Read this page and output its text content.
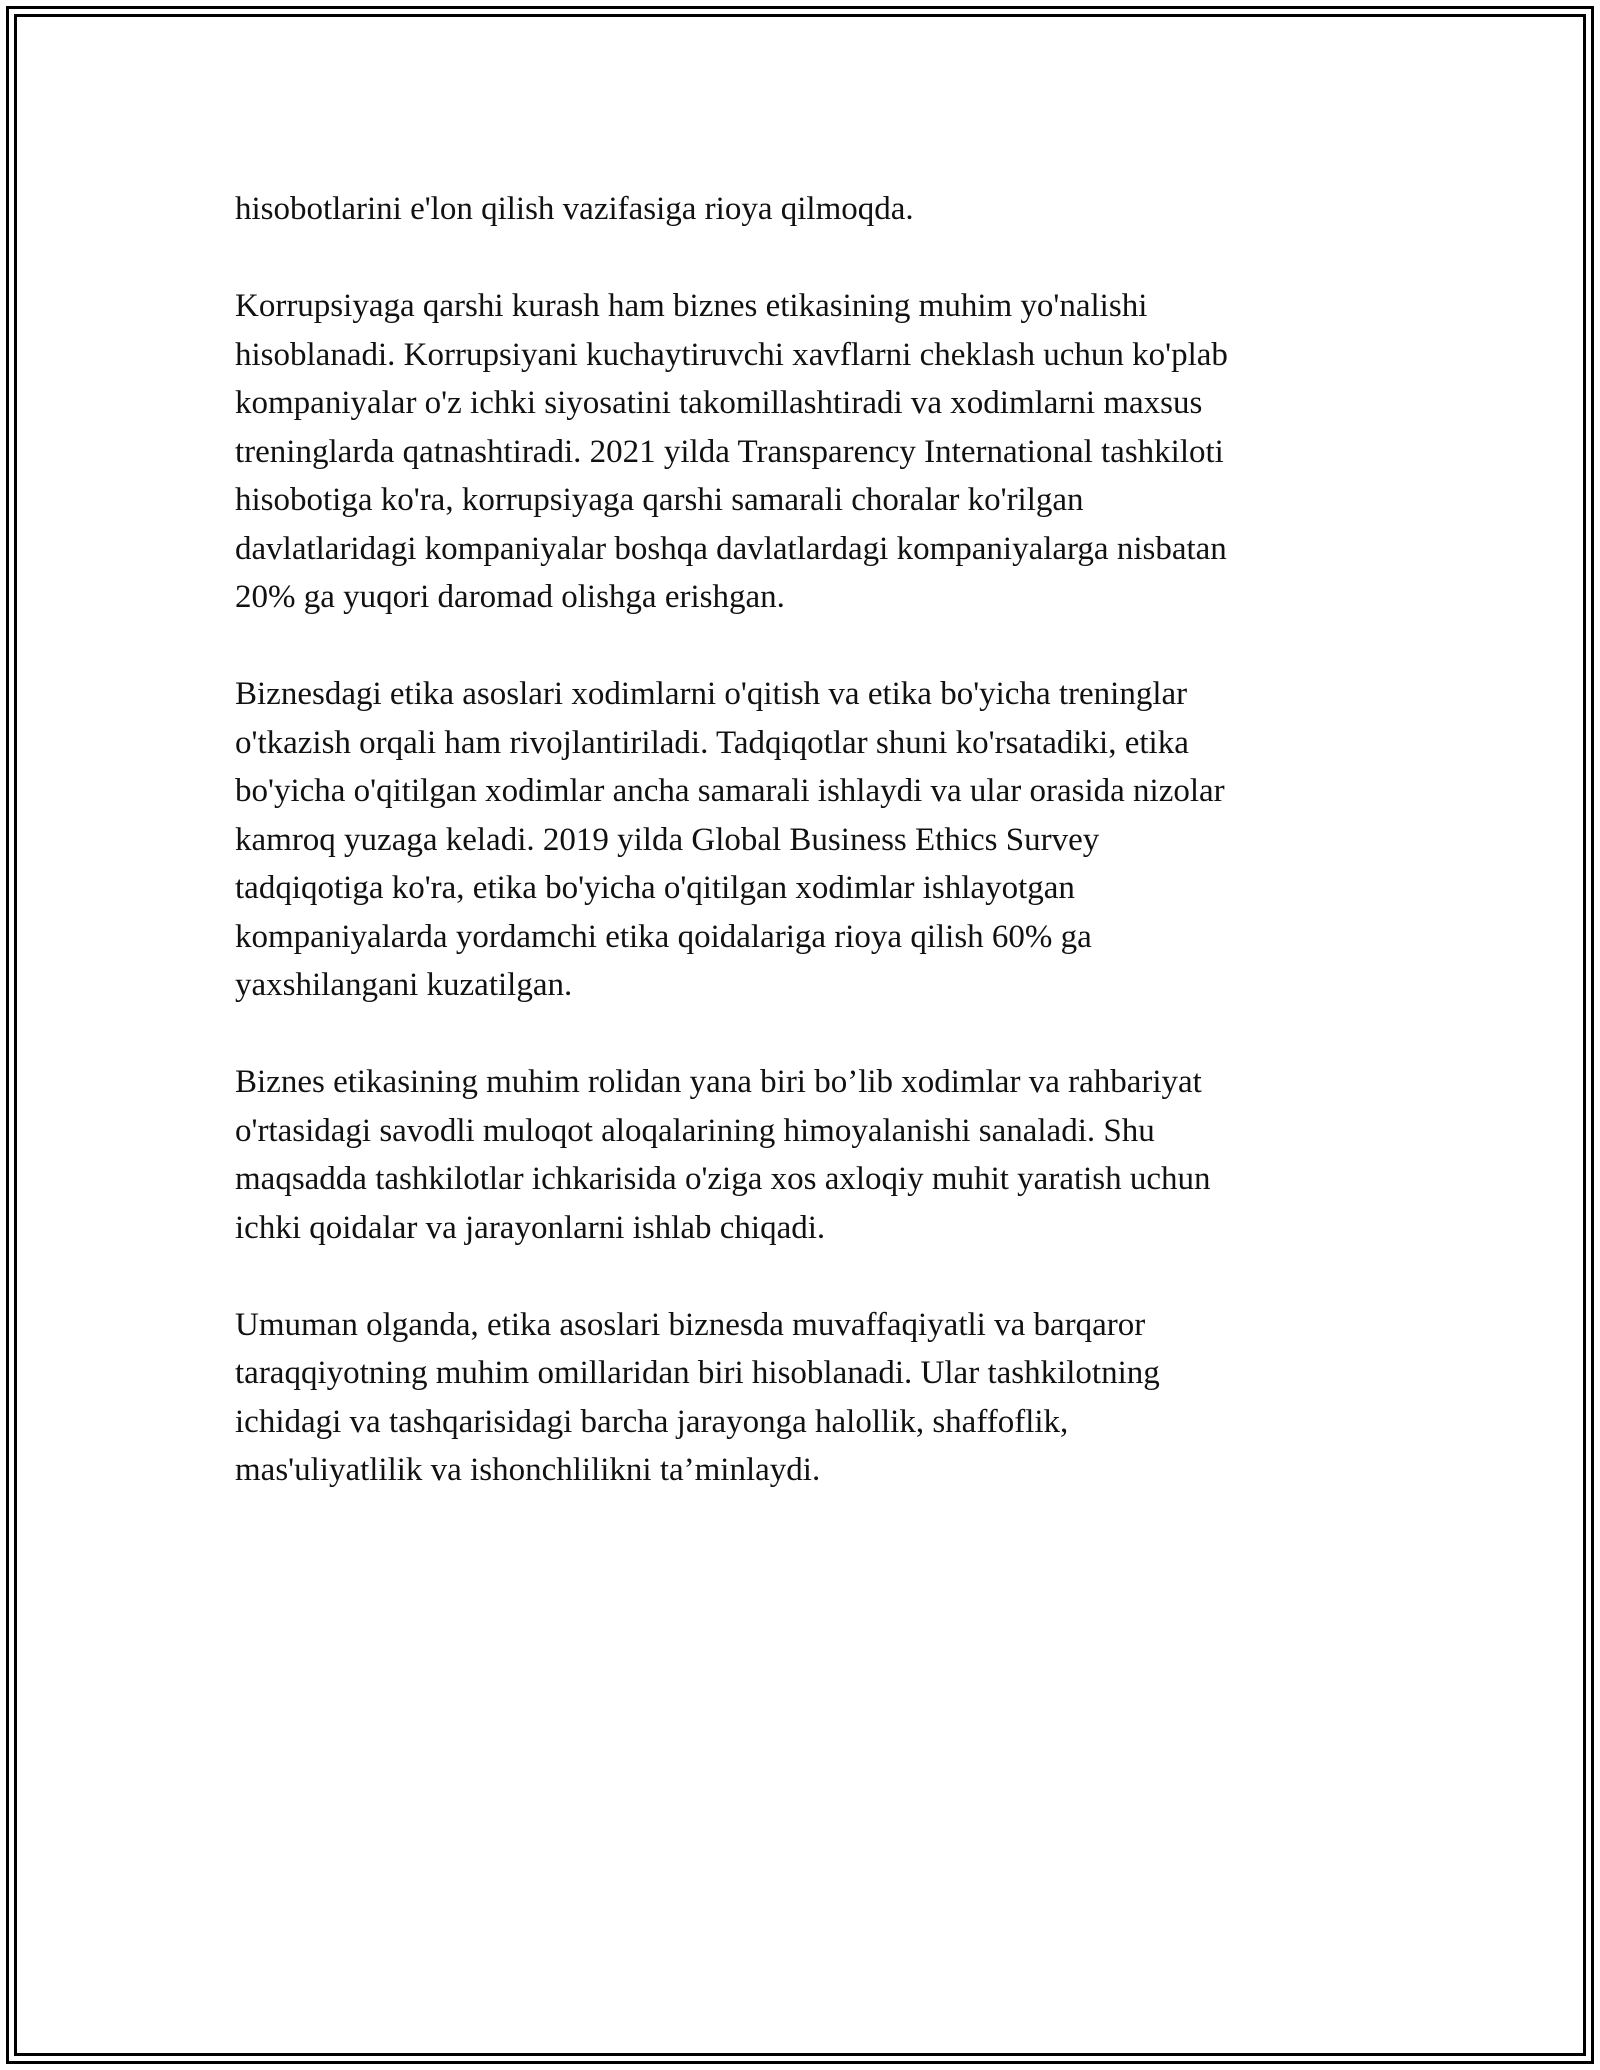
hisobotlarini e'lon qilish vazifasiga rioya qilmoqda.

Korrupsiyaga qarshi kurash ham biznes etikasining muhim yo'nalishi
hisoblanadi. Korrupsiyani kuchaytiruvchi xavflarni cheklash uchun ko'plab
kompaniyalar o'z ichki siyosatini takomillashtiradi va xodimlarni maxsus
treninglarda qatnashtiradi. 2021 yilda Transparency International tashkiloti
hisobotiga ko'ra, korrupsiyaga qarshi samarali choralar ko'rilgan
davlatlaridagi kompaniyalar boshqa davlatlardagi kompaniyalarga nisbatan
20% ga yuqori daromad olishga erishgan.

Biznesdagi etika asoslari xodimlarni o'qitish va etika bo'yicha treninglar
o'tkazish orqali ham rivojlantiriladi. Tadqiqotlar shuni ko'rsatadiki, etika
bo'yicha o'qitilgan xodimlar ancha samarali ishlaydi va ular orasida nizolar
kamroq yuzaga keladi. 2019 yilda Global Business Ethics Survey
tadqiqotiga ko'ra, etika bo'yicha o'qitilgan xodimlar ishlayotgan
kompaniyalarda yordamchi etika qoidalariga rioya qilish 60% ga
yaxshilangani kuzatilgan.

Biznes etikasining muhim rolidan yana biri bo’lib xodimlar va rahbariyat
o'rtasidagi savodli muloqot aloqalarining himoyalanishi sanaladi. Shu
maqsadda tashkilotlar ichkarisida o'ziga xos axloqiy muhit yaratish uchun
ichki qoidalar va jarayonlarni ishlab chiqadi.

Umuman olganda, etika asoslari biznesda muvaffaqiyatli va barqaror
taraqqiyotning muhim omillaridan biri hisoblanadi. Ular tashkilotning
ichidagi va tashqarisidagi barcha jarayonga halollik, shaffoflik,
mas'uliyatlilik va ishonchlilikni ta’minlaydi.
